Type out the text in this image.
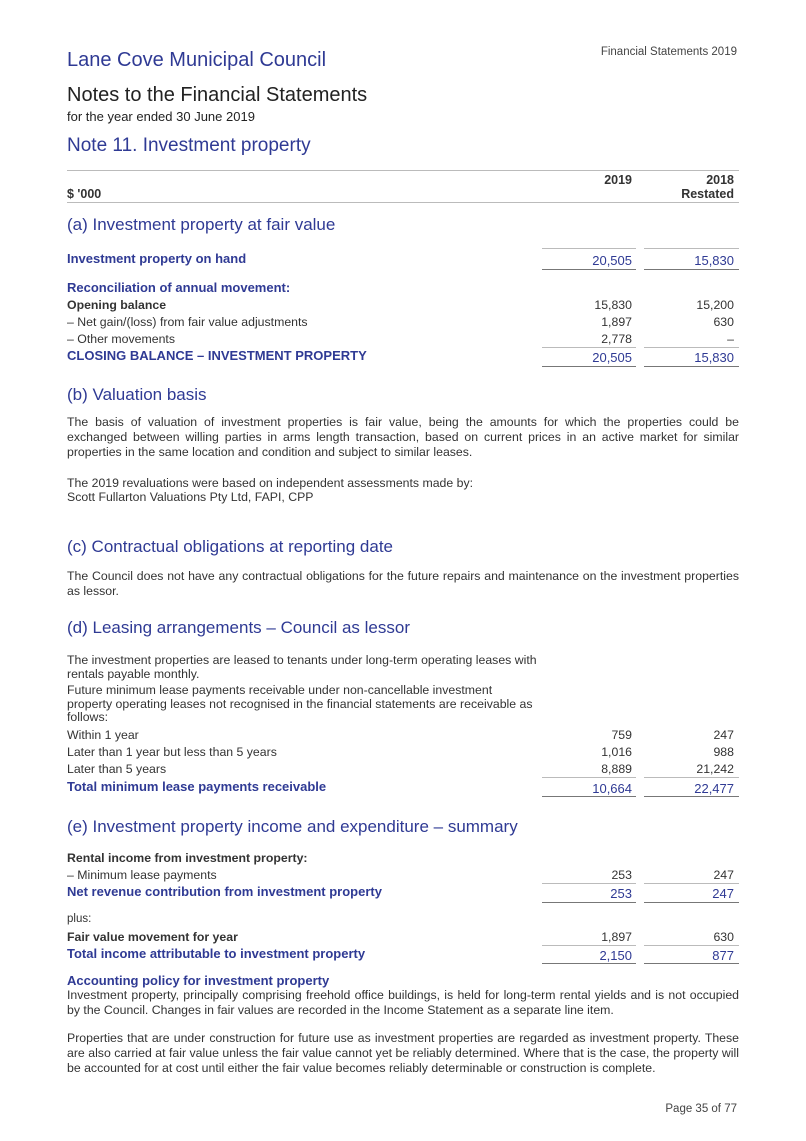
Financial Statements 2019
Lane Cove Municipal Council
Notes to the Financial Statements
for the year ended 30 June 2019
Note 11. Investment property
2019	2018
Restated
$ '000
(a) Investment property at fair value
Investment property on hand	20,505	15,830
Reconciliation of annual movement:
Opening balance	15,830	15,200
– Net gain/(loss) from fair value adjustments	1,897	630
– Other movements	2,778	–
CLOSING BALANCE – INVESTMENT PROPERTY	20,505	15,830
(b) Valuation basis
The basis of valuation of investment properties is fair value, being the amounts for which the properties could be exchanged between willing parties in arms length transaction, based on current prices in an active market for similar properties in the same location and condition and subject to similar leases.
The 2019 revaluations were based on independent assessments made by:
Scott Fullarton Valuations Pty Ltd, FAPI, CPP
(c) Contractual obligations at reporting date
The Council does not have any contractual obligations for the future repairs and maintenance on the investment properties as lessor.
(d) Leasing arrangements – Council as lessor
The investment properties are leased to tenants under long-term operating leases with rentals payable monthly.
Future minimum lease payments receivable under non-cancellable investment property operating leases not recognised in the financial statements are receivable as follows:
Within 1 year	759	247
Later than 1 year but less than 5 years	1,016	988
Later than 5 years	8,889	21,242
Total minimum lease payments receivable	10,664	22,477
(e) Investment property income and expenditure – summary
Rental income from investment property:
– Minimum lease payments	253	247
Net revenue contribution from investment property	253	247
plus:
Fair value movement for year	1,897	630
Total income attributable to investment property	2,150	877
Accounting policy for investment property
Investment property, principally comprising freehold office buildings, is held for long-term rental yields and is not occupied by the Council. Changes in fair values are recorded in the Income Statement as a separate line item.
Properties that are under construction for future use as investment properties are regarded as investment property. These are also carried at fair value unless the fair value cannot yet be reliably determined. Where that is the case, the property will be accounted for at cost until either the fair value becomes reliably determinable or construction is complete.
Page 35 of 77
